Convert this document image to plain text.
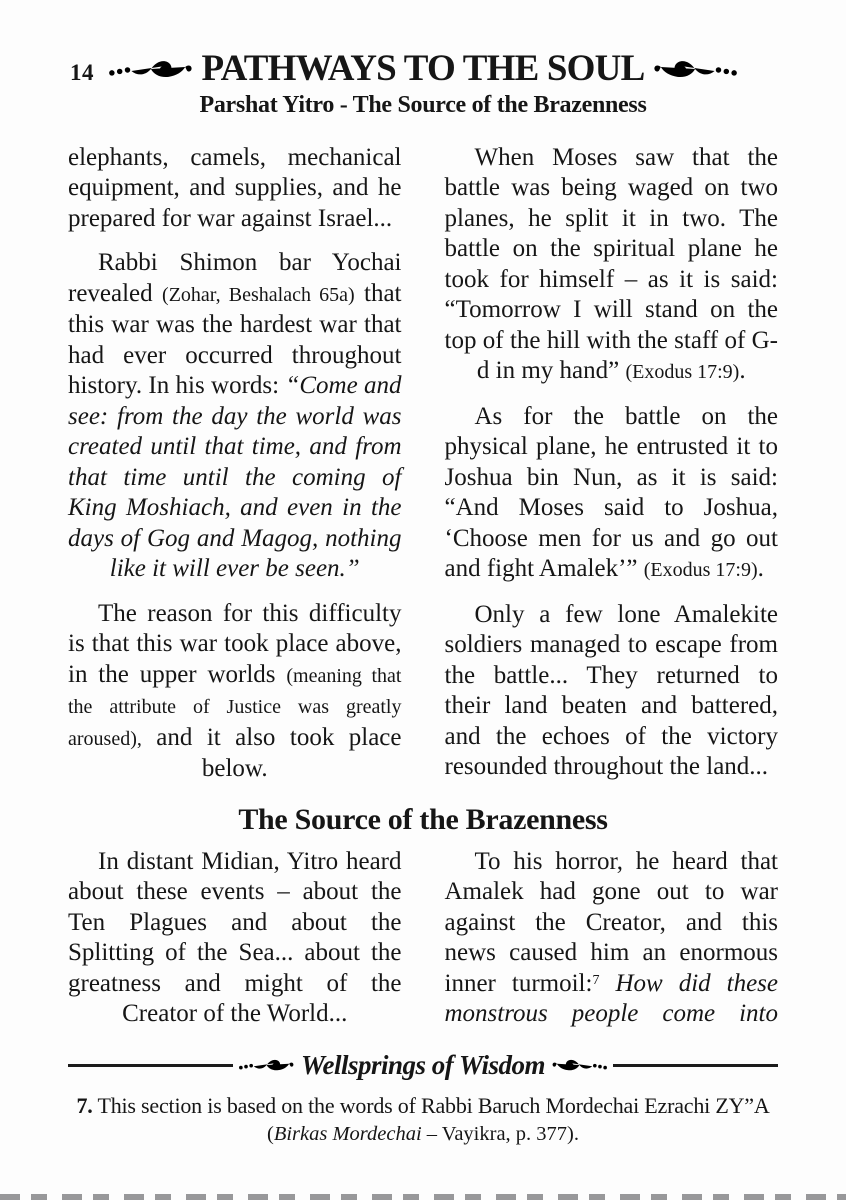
14	PATHWAYS TO THE SOUL
Parshat Yitro - The Source of the Brazenness

elephants, camels, mechanical equipment, and supplies, and he prepared for war against Israel...

Rabbi Shimon bar Yochai revealed (Zohar, Beshalach 65a) that this war was the hardest war that had ever occurred throughout history. In his words: “Come and see: from the day the world was created until that time, and from that time until the coming of King Moshiach, and even in the days of Gog and Magog, nothing like it will ever be seen.”

The reason for this difficulty is that this war took place above, in the upper worlds (meaning that the attribute of Justice was greatly aroused), and it also took place below.

When Moses saw that the battle was being waged on two planes, he split it in two. The battle on the spiritual plane he took for himself – as it is said: “Tomorrow I will stand on the top of the hill with the staff of G-d in my hand” (Exodus 17:9).

As for the battle on the physical plane, he entrusted it to Joshua bin Nun, as it is said: “And Moses said to Joshua, ‘Choose men for us and go out and fight Amalek’” (Exodus 17:9).

Only a few lone Amalekite soldiers managed to escape from the battle... They returned to their land beaten and battered, and the echoes of the victory resounded throughout the land...

The Source of the Brazenness

In distant Midian, Yitro heard about these events – about the Ten Plagues and about the Splitting of the Sea... about the greatness and might of the Creator of the World...

To his horror, he heard that Amalek had gone out to war against the Creator, and this news caused him an enormous inner turmoil:$^7$ How did these monstrous people come into

Wellsprings of Wisdom

7. This section is based on the words of Rabbi Baruch Mordechai Ezrachi ZY”A

(Birkas Mordechai – Vayikra, p. 377).
